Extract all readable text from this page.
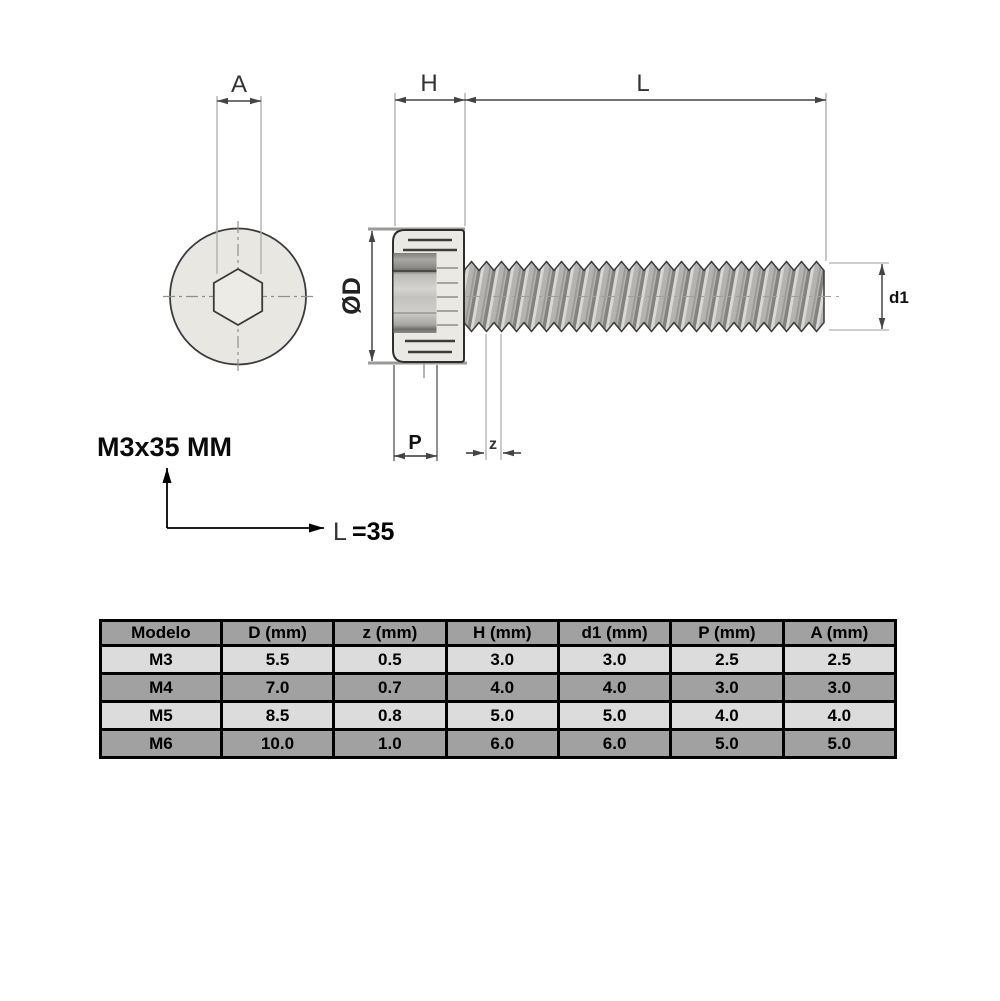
A	H	L
ØD	d1
P	z
M3x35 MM
L =35
Modelo	D (mm)	z (mm)	H (mm)	d1 (mm)	P (mm)	A (mm)
M3	5.5	0.5	3.0	3.0	2.5	2.5
M4	7.0	0.7	4.0	4.0	3.0	3.0
M5	8.5	0.8	5.0	5.0	4.0	4.0
M6	10.0	1.0	6.0	6.0	5.0	5.0
